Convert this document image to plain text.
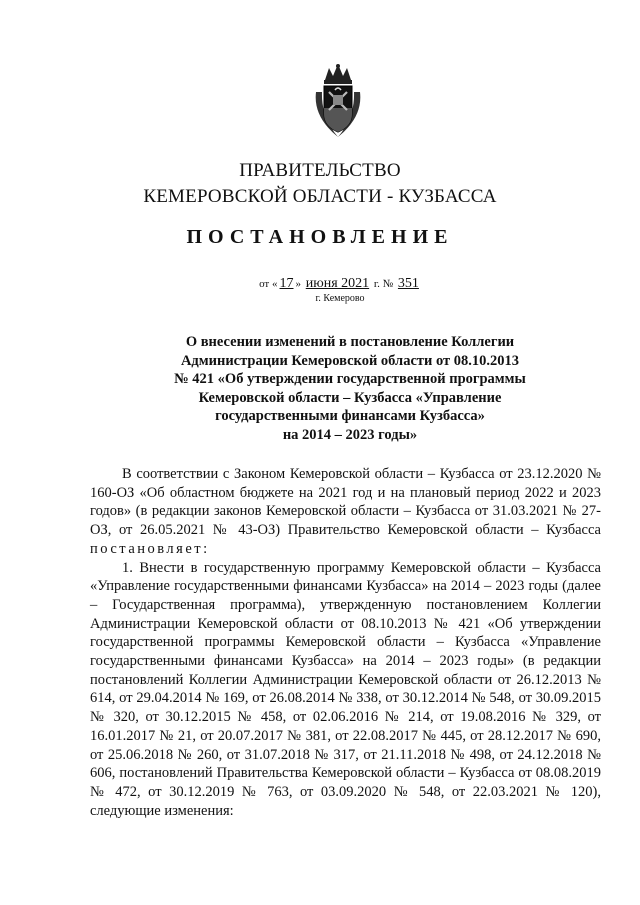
ПРАВИТЕЛЬСТВО
КЕМЕРОВСКОЙ ОБЛАСТИ - КУЗБАССА
ПОСТАНОВЛЕНИЕ
от « 17 » июня 2021 г. № 351
г. Кемерово
О внесении изменений в постановление Коллегии
Администрации Кемеровской области от 08.10.2013
№ 421 «Об утверждении государственной программы
Кемеровской области – Кузбасса «Управление
государственными финансами Кузбасса»
на 2014 – 2023 годы»

В соответствии с Законом Кемеровской области – Кузбасса от 23.12.2020 № 160-ОЗ «Об областном бюджете на 2021 год и на плановый период 2022 и 2023 годов» (в редакции законов Кемеровской области – Кузбасса от 31.03.2021 № 27-ОЗ, от 26.05.2021 № 43-ОЗ) Правительство Кемеровской области – Кузбасса постановляет:

1. Внести в государственную программу Кемеровской области – Кузбасса «Управление государственными финансами Кузбасса» на 2014 – 2023 годы (далее – Государственная программа), утвержденную постановлением Коллегии Администрации Кемеровской области от 08.10.2013 № 421 «Об утверждении государственной программы Кемеровской области – Кузбасса «Управление государственными финансами Кузбасса» на 2014 – 2023 годы» (в редакции постановлений Коллегии Администрации Кемеровской области от 26.12.2013 № 614, от 29.04.2014 № 169, от 26.08.2014 № 338, от 30.12.2014 № 548, от 30.09.2015 № 320, от 30.12.2015 № 458, от 02.06.2016 № 214, от 19.08.2016 № 329, от 16.01.2017 № 21, от 20.07.2017 № 381, от 22.08.2017 № 445, от 28.12.2017 № 690, от 25.06.2018 № 260, от 31.07.2018 № 317, от 21.11.2018 № 498, от 24.12.2018 № 606, постановлений Правительства Кемеровской области – Кузбасса от 08.08.2019 № 472, от 30.12.2019 № 763, от 03.09.2020 № 548, от 22.03.2021 № 120), следующие изменения:
